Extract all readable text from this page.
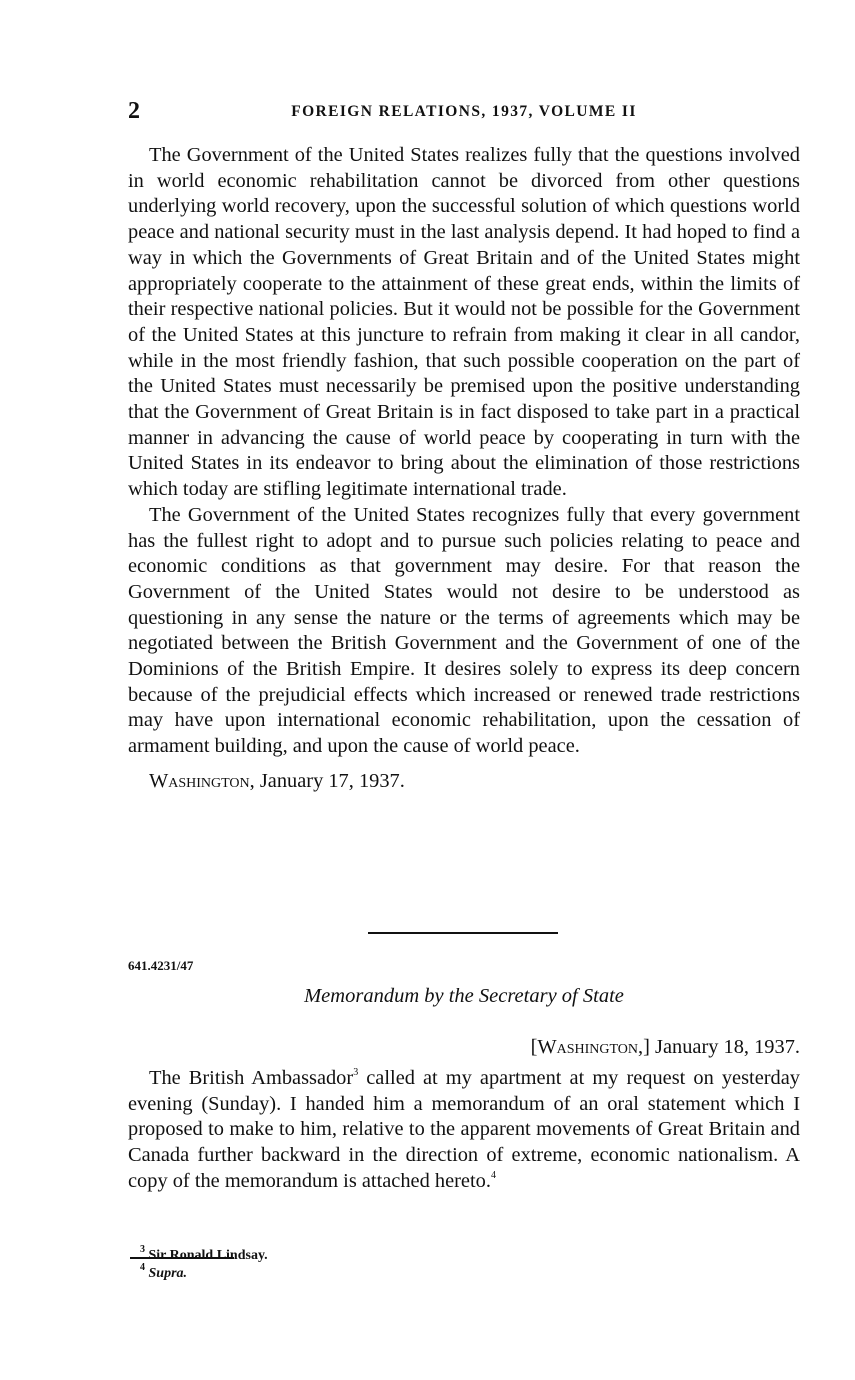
2	FOREIGN RELATIONS, 1937, VOLUME II

The Government of the United States realizes fully that the questions involved in world economic rehabilitation cannot be divorced from other questions underlying world recovery, upon the successful solution of which questions world peace and national security must in the last analysis depend. It had hoped to find a way in which the Governments of Great Britain and of the United States might appropriately cooperate to the attainment of these great ends, within the limits of their respective national policies. But it would not be possible for the Government of the United States at this juncture to refrain from making it clear in all candor, while in the most friendly fashion, that such possible cooperation on the part of the United States must necessarily be premised upon the positive understanding that the Government of Great Britain is in fact disposed to take part in a practical manner in advancing the cause of world peace by cooperating in turn with the United States in its endeavor to bring about the elimination of those restrictions which today are stifling legitimate international trade.

The Government of the United States recognizes fully that every government has the fullest right to adopt and to pursue such policies relating to peace and economic conditions as that government may desire. For that reason the Government of the United States would not desire to be understood as questioning in any sense the nature or the terms of agreements which may be negotiated between the British Government and the Government of one of the Dominions of the British Empire. It desires solely to express its deep concern because of the prejudicial effects which increased or renewed trade restrictions may have upon international economic rehabilitation, upon the cessation of armament building, and upon the cause of world peace.

Washington, January 17, 1937.
641.4231/47
Memorandum by the Secretary of State
[Washington,] January 18, 1937.

The British Ambassador$^3$ called at my apartment at my request on yesterday evening (Sunday). I handed him a memorandum of an oral statement which I proposed to make to him, relative to the apparent movements of Great Britain and Canada further backward in the direction of extreme, economic nationalism. A copy of the memorandum is attached hereto.$^4$

$^3$ Sir Ronald Lindsay.
$^4$ Supra.
